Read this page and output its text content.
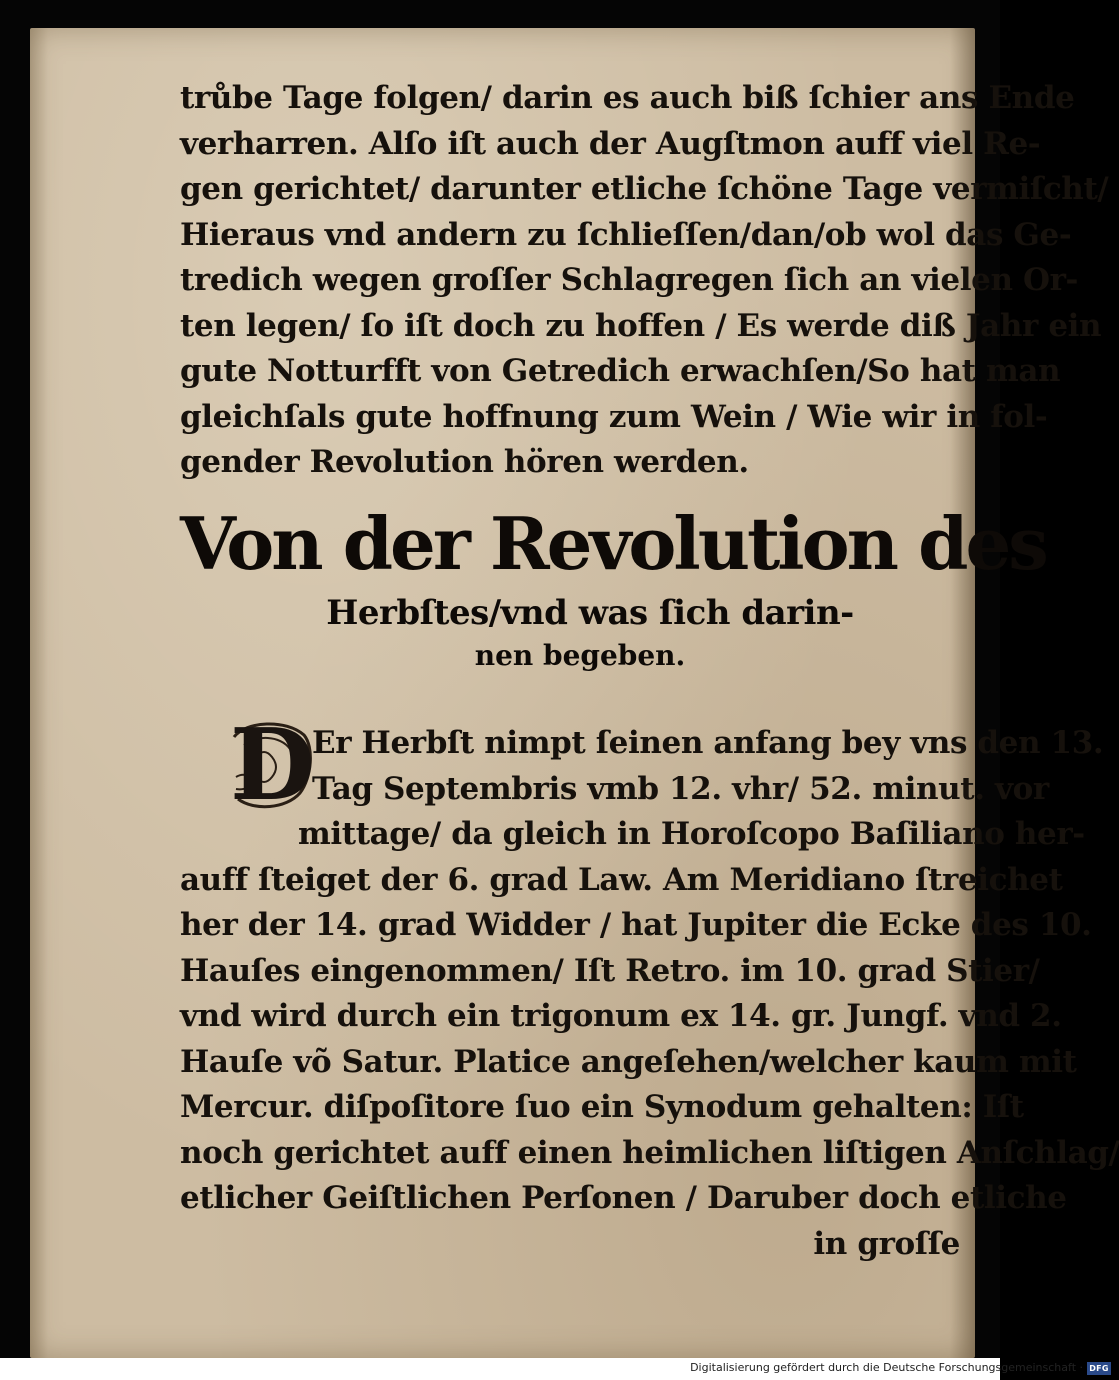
trůbe Tage folgen/ darin es auch biß ſchier ans Ende
verharren. Alſo iſt auch der Augſtmon auff viel Re-
gen gerichtet/ darunter etliche ſchöne Tage vermiſcht/
Hieraus vnd andern zu ſchlieſſen/dan/ob wol das Ge-
tredich wegen groſſer Schlagregen ſich an vielen Or-
ten legen/ ſo iſt doch zu hoffen / Es werde diß Jahr ein
gute Notturfft von Getredich erwachſen/So hat man
gleichſals gute hoffnung zum Wein / Wie wir in fol-
gender Revolution hören werden.
Von der Revolution des
Herbſtes/vnd was ſich darin-
nen begeben.
D
Er Herbſt nimpt ſeinen anfang bey vns den 13.
Tag Septembris vmb 12. vhr/ 52. minut. vor
mittage/ da gleich in Horoſcopo Baſiliano her-
auff ſteiget der 6. grad Law. Am Meridiano ſtreichet
her der 14. grad Widder / hat Jupiter die Ecke des 10.
Hauſes eingenommen/ Iſt Retro. im 10. grad Stier/
vnd wird durch ein trigonum ex 14. gr. Jungf. vnd 2.
Hauſe võ Satur. Platice angeſehen/welcher kaum mit
Mercur. diſpoſitore ſuo ein Synodum gehalten: Iſt
noch gerichtet auff einen heimlichen liſtigen Anſchlag/
etlicher Geiſtlichen Perſonen / Daruber doch etliche
in groſſe
Digitalisierung gefördert durch die Deutsche Forschungsgemeinschaft · DFG
